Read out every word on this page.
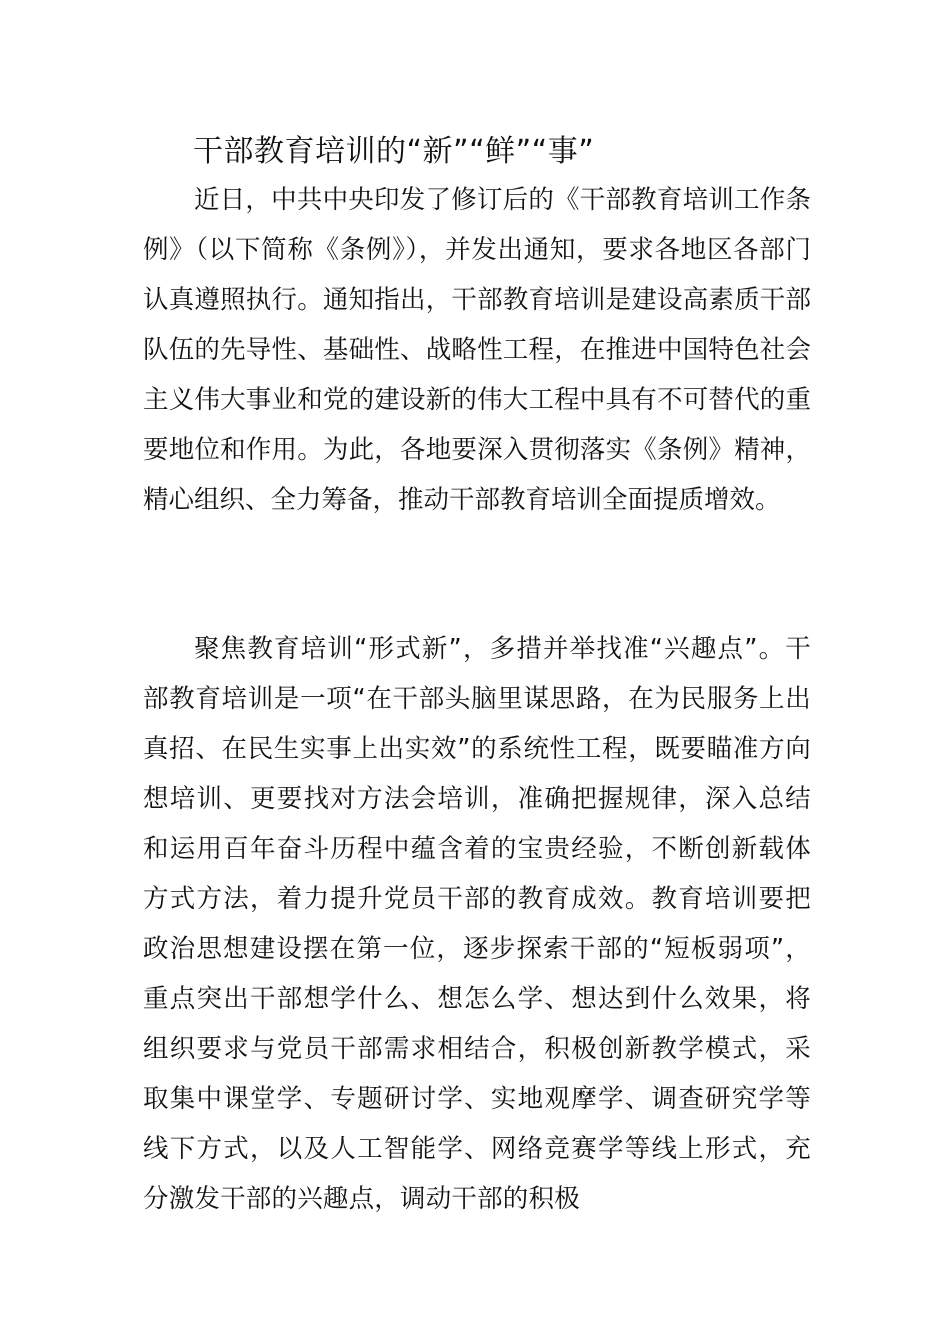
干部教育培训的“新”“鲜”“事”

近日，中共中央印发了修订后的《干部教育培训工作条例》（以下简称《条例》），并发出通知，要求各地区各部门认真遵照执行。通知指出，干部教育培训是建设高素质干部队伍的先导性、基础性、战略性工程，在推进中国特色社会主义伟大事业和党的建设新的伟大工程中具有不可替代的重要地位和作用。为此，各地要深入贯彻落实《条例》精神，精心组织、全力筹备，推动干部教育培训全面提质增效。

聚焦教育培训“形式新”，多措并举找准“兴趣点”。干部教育培训是一项“在干部头脑里谋思路，在为民服务上出真招、在民生实事上出实效”的系统性工程，既要瞄准方向想培训、更要找对方法会培训，准确把握规律，深入总结和运用百年奋斗历程中蕴含着的宝贵经验，不断创新载体方式方法，着力提升党员干部的教育成效。教育培训要把政治思想建设摆在第一位，逐步探索干部的“短板弱项”，重点突出干部想学什么、想怎么学、想达到什么效果，将组织要求与党员干部需求相结合，积极创新教学模式，采取集中课堂学、专题研讨学、实地观摩学、调查研究学等线下方式，以及人工智能学、网络竞赛学等线上形式，充分激发干部的兴趣点，调动干部的积极
